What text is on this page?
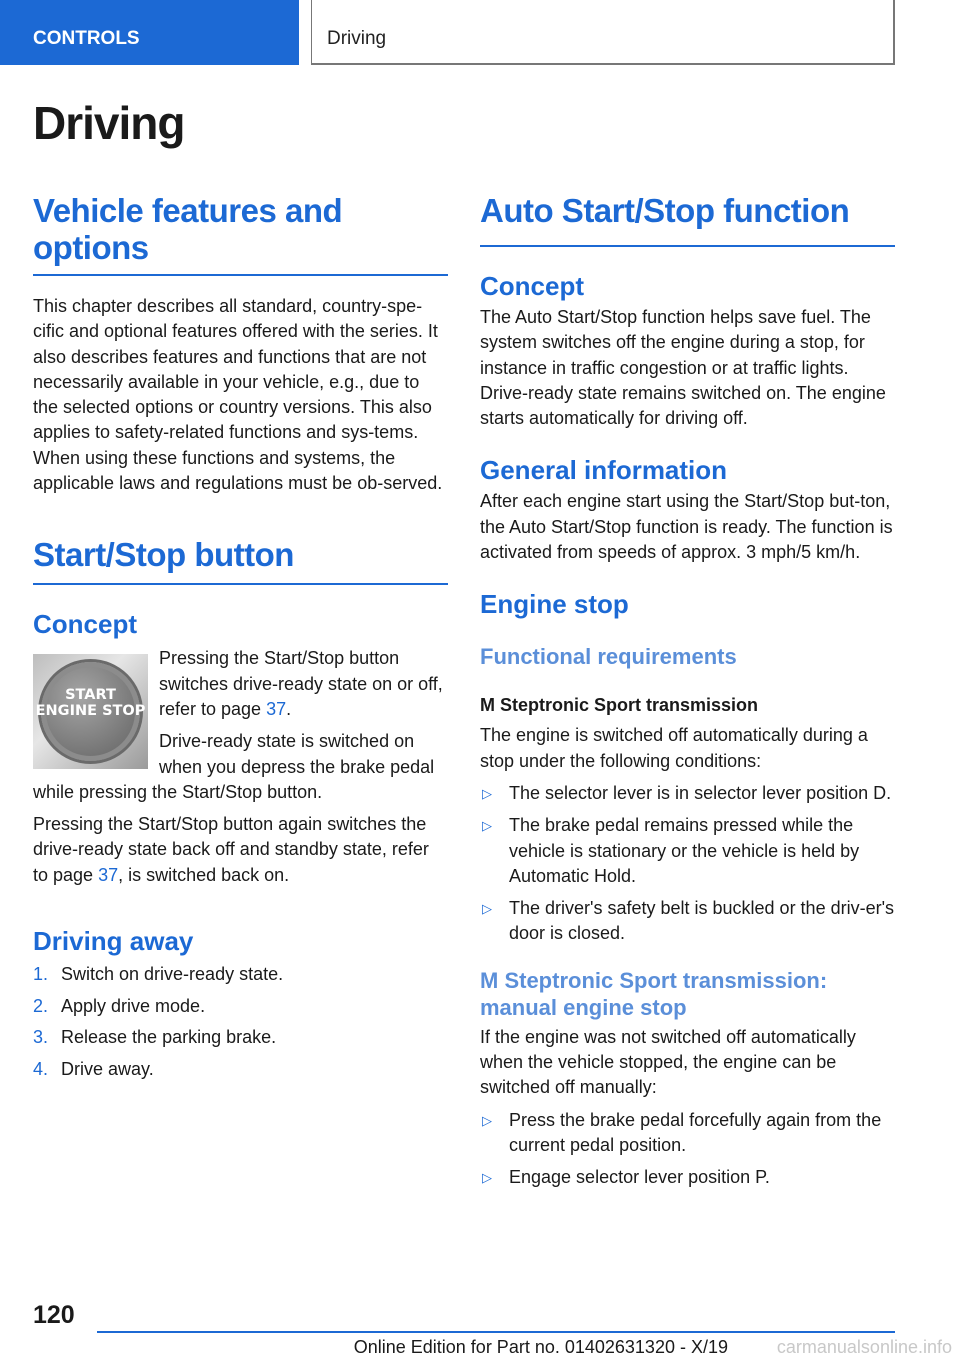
CONTROLS	Driving
Driving
Vehicle features and options

This chapter describes all standard, country-spe‐cific and optional features offered with the series. It also describes features and functions that are not necessarily available in your vehicle, e.g., due to the selected options or country versions. This also applies to safety-related functions and sys‐tems. When using these functions and systems, the applicable laws and regulations must be ob‐served.

Start/Stop button
Concept
START ENGINE STOP

Pressing the Start/Stop button switches drive-ready state on or off, refer to page 37.

Drive-ready state is switched on when you depress the brake pedal while pressing the Start/Stop button.

Pressing the Start/Stop button again switches the drive-ready state back off and standby state, refer to page 37, is switched back on.

Driving away
1. Switch on drive-ready state.
2. Apply drive mode.
3. Release the parking brake.
4. Drive away.
Auto Start/Stop function
Concept

The Auto Start/Stop function helps save fuel. The system switches off the engine during a stop, for instance in traffic congestion or at traffic lights. Drive-ready state remains switched on. The engine starts automatically for driving off.

General information

After each engine start using the Start/Stop but‐ton, the Auto Start/Stop function is ready. The function is activated from speeds of approx. 3 mph/5 km/h.

Engine stop
Functional requirements
M Steptronic Sport transmission

The engine is switched off automatically during a stop under the following conditions:

▷ The selector lever is in selector lever position D.
▷ The brake pedal remains pressed while the vehicle is stationary or the vehicle is held by Automatic Hold.
▷ The driver's safety belt is buckled or the driv‐er's door is closed.
M Steptronic Sport transmission: manual engine stop

If the engine was not switched off automatically when the vehicle stopped, the engine can be switched off manually:

▷ Press the brake pedal forcefully again from the current pedal position.
▷ Engage selector lever position P.
120
Online Edition for Part no. 01402631320 - X/19	carmanualsonline.info
